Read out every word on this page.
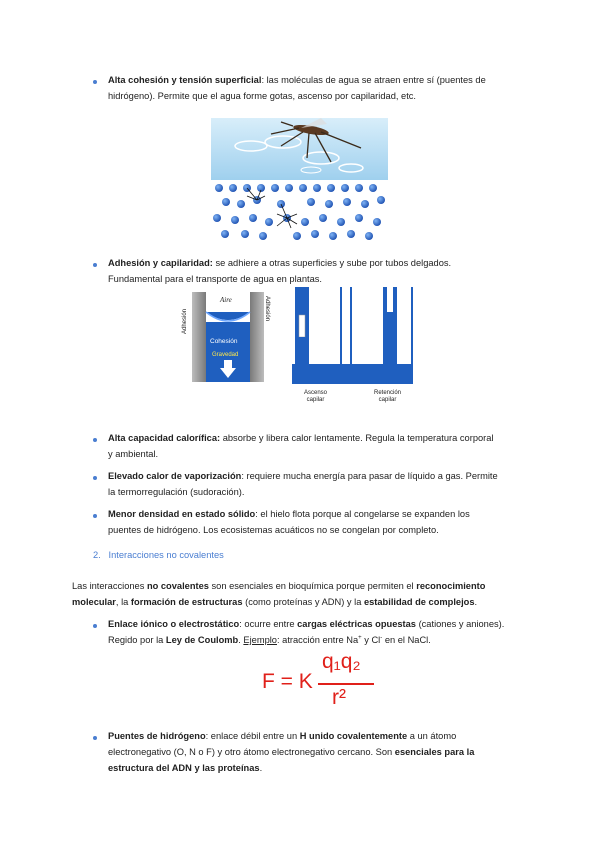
Alta cohesión y tensión superficial: las moléculas de agua se atraen entre sí (puentes de
hidrógeno). Permite que el agua forme gotas, ascenso por capilaridad, etc.
Adhesión y capilaridad: se adhiere a otras superficies y sube por tubos delgados.
Fundamental para el transporte de agua en plantas.
Adhesión
Adhesión
Aire
Cohesión
Gravedad
Ascenso
capilar
Retención
capilar
Alta capacidad calorífica: absorbe y libera calor lentamente. Regula la temperatura corporal
y ambiental.
Elevado calor de vaporización: requiere mucha energía para pasar de líquido a gas. Permite
la termorregulación (sudoración).
Menor densidad en estado sólido: el hielo flota porque al congelarse se expanden los
puentes de hidrógeno. Los ecosistemas acuáticos no se congelan por completo.
2. Interacciones no covalentes
Las interacciones no covalentes son esenciales en bioquímica porque permiten el reconocimiento
molecular, la formación de estructuras (como proteínas y ADN) y la estabilidad de complejos.
Enlace iónico o electrostático: ocurre entre cargas eléctricas opuestas (cationes y aniones).
Regido por la Ley de Coulomb. Ejemplo: atracción entre Na+ y Cl- en el NaCl.
F = K
q₁q₂
r²
Puentes de hidrógeno: enlace débil entre un H unido covalentemente a un átomo
electronegativo (O, N o F) y otro átomo electronegativo cercano. Son esenciales para la
estructura del ADN y las proteínas.
